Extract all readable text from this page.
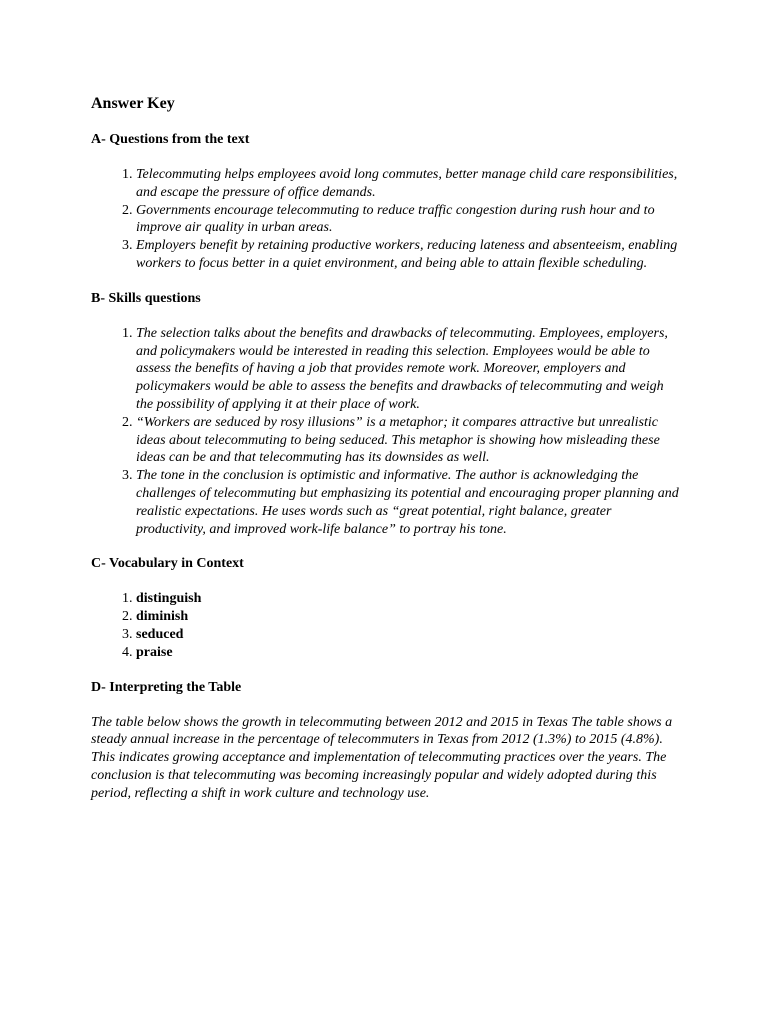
Answer Key
A- Questions from the text
1. Telecommuting helps employees avoid long commutes, better manage child care responsibilities, and escape the pressure of office demands.
2. Governments encourage telecommuting to reduce traffic congestion during rush hour and to improve air quality in urban areas.
3. Employers benefit by retaining productive workers, reducing lateness and absenteeism, enabling workers to focus better in a quiet environment, and being able to attain flexible scheduling.
B- Skills questions
1. The selection talks about the benefits and drawbacks of telecommuting. Employees, employers, and policymakers would be interested in reading this selection. Employees would be able to assess the benefits of having a job that provides remote work. Moreover, employers and policymakers would be able to assess the benefits and drawbacks of telecommuting and weigh the possibility of applying it at their place of work.
2. “Workers are seduced by rosy illusions” is a metaphor; it compares attractive but unrealistic ideas about telecommuting to being seduced. This metaphor is showing how misleading these ideas can be and that telecommuting has its downsides as well.
3. The tone in the conclusion is optimistic and informative. The author is acknowledging the challenges of telecommuting but emphasizing its potential and encouraging proper planning and realistic expectations. He uses words such as “great potential, right balance, greater productivity, and improved work-life balance” to portray his tone.
C- Vocabulary in Context
1. distinguish
2. diminish
3. seduced
4. praise
D- Interpreting the Table

The table below shows the growth in telecommuting between 2012 and 2015 in Texas The table shows a steady annual increase in the percentage of telecommuters in Texas from 2012 (1.3%) to 2015 (4.8%). This indicates growing acceptance and implementation of telecommuting practices over the years. The conclusion is that telecommuting was becoming increasingly popular and widely adopted during this period, reflecting a shift in work culture and technology use.
